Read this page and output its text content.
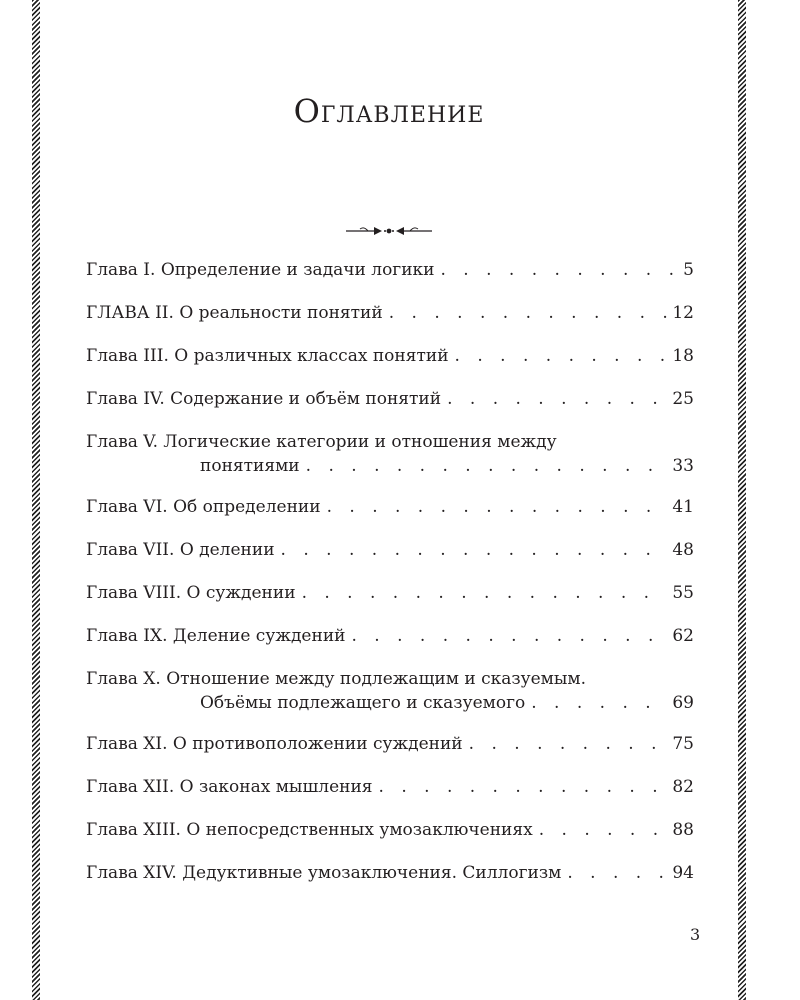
Оглавление
Глава I. Определение и задачи логики . . .	5
ГЛАВА II. О реальности понятий . . .	12
Глава III. О различных классах понятий . . .	18
Глава IV. Содержание и объём понятий . . .	25
Глава V. Логические категории и отношения между
понятиями . . .	33
Глава VI. Об определении . . .	41
Глава VII. О делении . . .	48
Глава VIII. О суждении . . .	55
Глава IX. Деление суждений . . .	62
Глава X. Отношение между подлежащим и сказуемым.
Объёмы подлежащего и сказуемого . . .	69
Глава XI. О противоположении суждений . . .	75
Глава XII. О законах мышления . . .	82
Глава XIII. О непосредственных умозаключениях . . .	88
Глава XIV. Дедуктивные умозаключения. Силлогизм . . .	94
3
